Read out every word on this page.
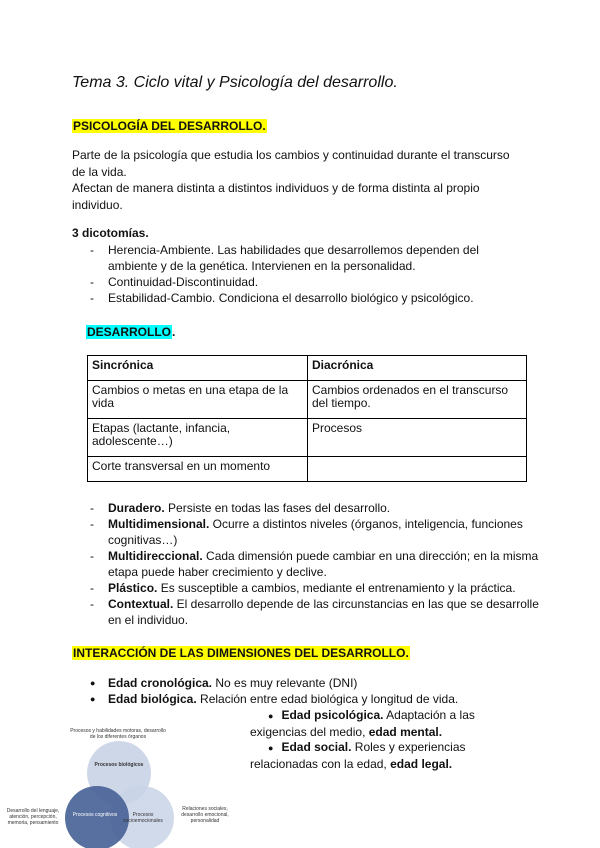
Tema 3. Ciclo vital y Psicología del desarrollo.
PSICOLOGÍA DEL DESARROLLO.
Parte de la psicología que estudia los cambios y continuidad durante el transcurso
de la vida.
Afectan de manera distinta a distintos individuos y de forma distinta al propio
individuo.
3 dicotomías.
- Herencia-Ambiente. Las habilidades que desarrollemos dependen del ambiente y de la genética. Intervienen en la personalidad.
- Continuidad-Discontinuidad.
- Estabilidad-Cambio. Condiciona el desarrollo biológico y psicológico.
DESARROLLO.
Sincrónica	Diacrónica
Cambios o metas en una etapa de la vida	Cambios ordenados en el transcurso del tiempo.
Etapas (lactante, infancia, adolescente…)	Procesos
Corte transversal en un momento	
- Duradero. Persiste en todas las fases del desarrollo.
- Multidimensional. Ocurre a distintos niveles (órganos, inteligencia, funciones cognitivas…)
- Multidireccional. Cada dimensión puede cambiar en una dirección; en la misma etapa puede haber crecimiento y declive.
- Plástico. Es susceptible a cambios, mediante el entrenamiento y la práctica.
- Contextual. El desarrollo depende de las circunstancias en las que se desarrolle en el individuo.
INTERACCIÓN DE LAS DIMENSIONES DEL DESARROLLO.
● Edad cronológica. No es muy relevante (DNI)
● Edad biológica. Relación entre edad biológica y longitud de vida.
● Edad psicológica. Adaptación a las
exigencias del medio, edad mental.
● Edad social. Roles y experiencias
relacionadas con la edad, edad legal.
Procesos y habilidades motoras, desarrollo de los diferentes órganos
Procesos biológicos
Procesos cognitivos	Procesos socioemocionales
Desarrollo del lenguaje, atención, percepción, memoria, pensamiento
Relaciones sociales, desarrollo emocional, personalidad
